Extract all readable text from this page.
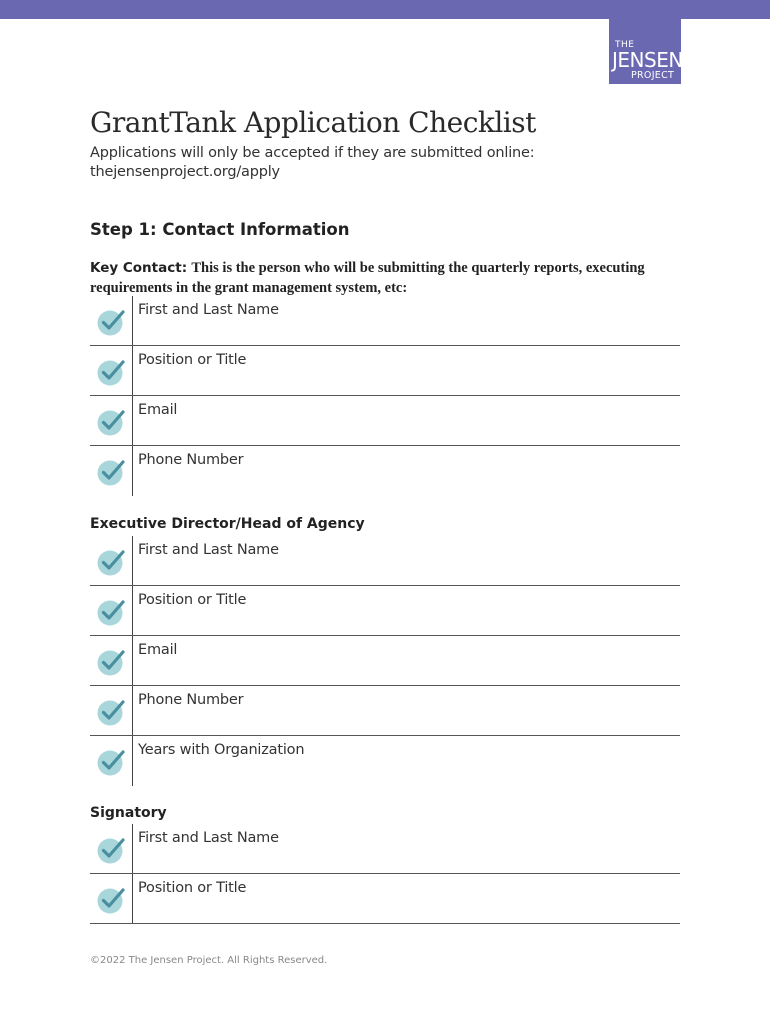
THE
JENSEN
PROJECT
GrantTank Application Checklist
Applications will only be accepted if they are submitted online:
thejensenproject.org/apply
Step 1: Contact Information
Key Contact: This is the person who will be submitting the quarterly reports, executing requirements in the grant management system, etc:
First and Last Name
Position or Title
Email
Phone Number
Executive Director/Head of Agency
First and Last Name
Position or Title
Email
Phone Number
Years with Organization
Signatory
First and Last Name
Position or Title
©2022 The Jensen Project. All Rights Reserved.
